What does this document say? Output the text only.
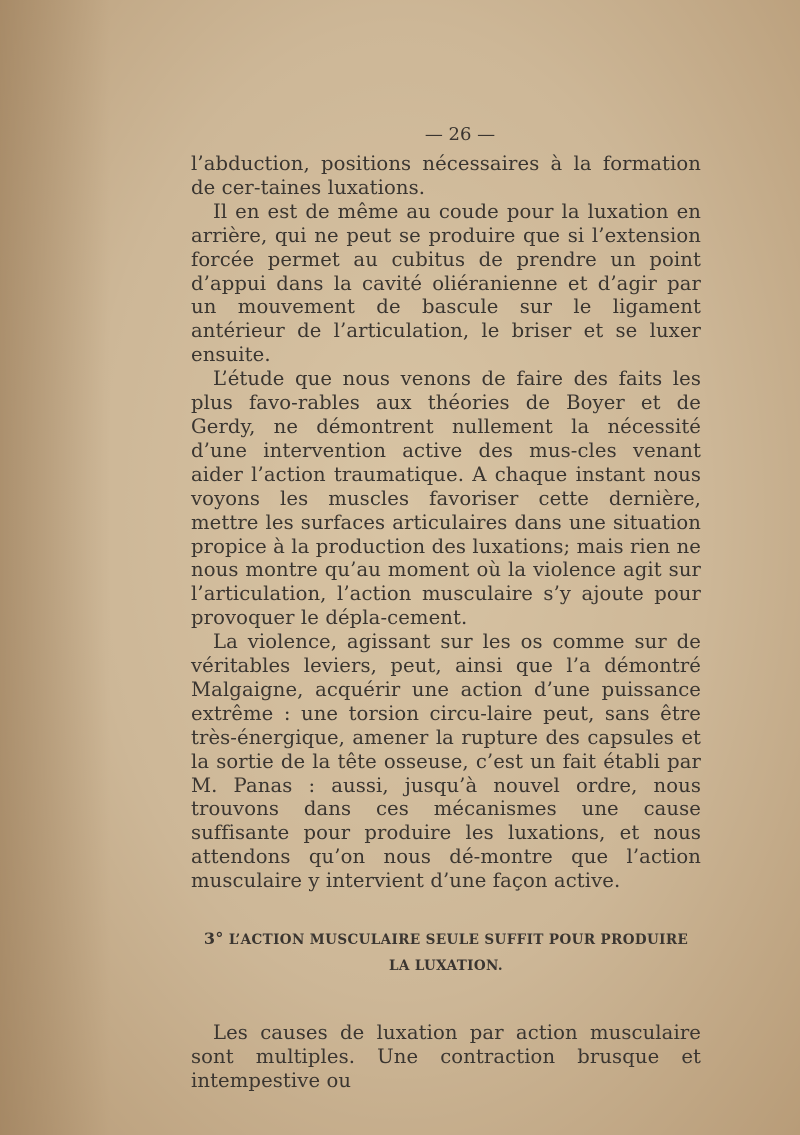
— 26 —

l’abduction, positions nécessaires à la formation de cer-taines luxations.

Il en est de même au coude pour la luxation en arrière, qui ne peut se produire que si l’extension forcée permet au cubitus de prendre un point d’appui dans la cavité oliéranienne et d’agir par un mouvement de bascule sur le ligament antérieur de l’articulation, le briser et se luxer ensuite.

L’étude que nous venons de faire des faits les plus favo-rables aux théories de Boyer et de Gerdy, ne démontrent nullement la nécessité d’une intervention active des mus-cles venant aider l’action traumatique. A chaque instant nous voyons les muscles favoriser cette dernière, mettre les surfaces articulaires dans une situation propice à la production des luxations; mais rien ne nous montre qu’au moment où la violence agit sur l’articulation, l’action musculaire s’y ajoute pour provoquer le dépla-cement.

La violence, agissant sur les os comme sur de véritables leviers, peut, ainsi que l’a démontré Malgaigne, acquérir une action d’une puissance extrême : une torsion circu-laire peut, sans être très-énergique, amener la rupture des capsules et la sortie de la tête osseuse, c’est un fait établi par M. Panas : aussi, jusqu’à nouvel ordre, nous trouvons dans ces mécanismes une cause suffisante pour produire les luxations, et nous attendons qu’on nous dé-montre que l’action musculaire y intervient d’une façon active.

3° L’ACTION MUSCULAIRE SEULE SUFFIT POUR PRODUIRE LA LUXATION.

Les causes de luxation par action musculaire sont multiples. Une contraction brusque et intempestive ou
